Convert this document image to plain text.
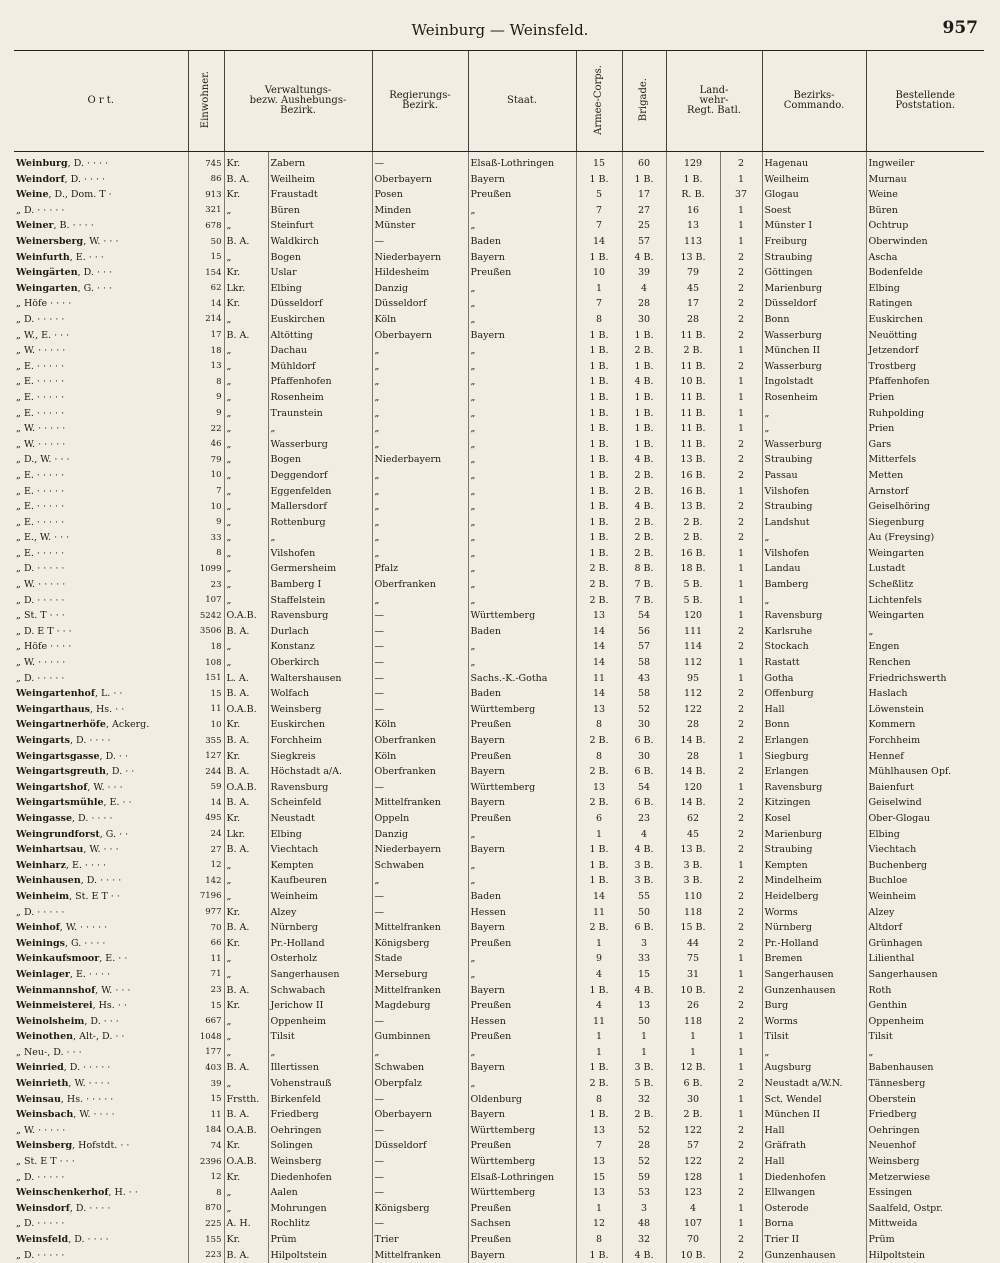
Weinburg — Weinsfeld.	957
O r t.	Einwohner.	Verwaltungs-
bezw. Aushebungs-
Bezirk.		Regierungs-
Bezirk.	Staat.	Armee-Corps.	Brigade.	Land-
wehr-
Regt. Batl.		Bezirks-
Commando.	Bestellende
Poststation.
Weinburg, D. · · · ·	745	Kr.	Zabern	—	Elsaß-Lothringen	15	60	129	2	Hagenau	Ingweiler
Weindorf, D. · · · ·	86	B. A.	Weilheim	Oberbayern	Bayern	1 B.	1 B.	1 B.	1	Weilheim	Murnau
Weine, D., Dom. T ·	913	Kr.	Fraustadt	Posen	Preußen	5	17	R. B.	37	Glogau	Weine
„ D. · · · · ·	321	„	Büren	Minden	„	7	27	16	1	Soest	Büren
Weiner, B. · · · ·	678	„	Steinfurt	Münster	„	7	25	13	1	Münster I	Ochtrup
Weinersberg, W. · · ·	50	B. A.	Waldkirch	—	Baden	14	57	113	1	Freiburg	Oberwinden
Weinfurth, E. · · ·	15	„	Bogen	Niederbayern	Bayern	1 B.	4 B.	13 B.	2	Straubing	Ascha
Weingärten, D. · · ·	154	Kr.	Uslar	Hildesheim	Preußen	10	39	79	2	Göttingen	Bodenfelde
Weingarten, G. · · ·	62	Lkr.	Elbing	Danzig	„	1	4	45	2	Marienburg	Elbing
„ Höfe · · · ·	14	Kr.	Düsseldorf	Düsseldorf	„	7	28	17	2	Düsseldorf	Ratingen
„ D. · · · · ·	214	„	Euskirchen	Köln	„	8	30	28	2	Bonn	Euskirchen
„ W., E. · · ·	17	B. A.	Altötting	Oberbayern	Bayern	1 B.	1 B.	11 B.	2	Wasserburg	Neuötting
„ W. · · · · ·	18	„	Dachau	„	„	1 B.	2 B.	2 B.	1	München II	Jetzendorf
„ E. · · · · ·	13	„	Mühldorf	„	„	1 B.	1 B.	11 B.	2	Wasserburg	Trostberg
„ E. · · · · ·	8	„	Pfaffenhofen	„	„	1 B.	4 B.	10 B.	1	Ingolstadt	Pfaffenhofen
„ E. · · · · ·	9	„	Rosenheim	„	„	1 B.	1 B.	11 B.	1	Rosenheim	Prien
„ E. · · · · ·	9	„	Traunstein	„	„	1 B.	1 B.	11 B.	1	„	Ruhpolding
„ W. · · · · ·	22	„	„	„	„	1 B.	1 B.	11 B.	1	„	Prien
„ W. · · · · ·	46	„	Wasserburg	„	„	1 B.	1 B.	11 B.	2	Wasserburg	Gars
„ D., W. · · ·	79	„	Bogen	Niederbayern	„	1 B.	4 B.	13 B.	2	Straubing	Mitterfels
„ E. · · · · ·	10	„	Deggendorf	„	„	1 B.	2 B.	16 B.	2	Passau	Metten
„ E. · · · · ·	7	„	Eggenfelden	„	„	1 B.	2 B.	16 B.	1	Vilshofen	Arnstorf
„ E. · · · · ·	10	„	Mallersdorf	„	„	1 B.	4 B.	13 B.	2	Straubing	Geiselhöring
„ E. · · · · ·	9	„	Rottenburg	„	„	1 B.	2 B.	2 B.	2	Landshut	Siegenburg
„ E., W. · · ·	33	„	„	„	„	1 B.	2 B.	2 B.	2	„	Au (Freysing)
„ E. · · · · ·	8	„	Vilshofen	„	„	1 B.	2 B.	16 B.	1	Vilshofen	Weingarten
„ D. · · · · ·	1099	„	Germersheim	Pfalz	„	2 B.	8 B.	18 B.	1	Landau	Lustadt
„ W. · · · · ·	23	„	Bamberg I	Oberfranken	„	2 B.	7 B.	5 B.	1	Bamberg	Scheßlitz
„ D. · · · · ·	107	„	Staffelstein	„	„	2 B.	7 B.	5 B.	1	„	Lichtenfels
„ St. T · · ·	5242	O.A.B.	Ravensburg	—	Württemberg	13	54	120	1	Ravensburg	Weingarten
„ D. E T · · ·	3506	B. A.	Durlach	—	Baden	14	56	111	2	Karlsruhe	„
„ Höfe · · · ·	18	„	Konstanz	—	„	14	57	114	2	Stockach	Engen
„ W. · · · · ·	108	„	Oberkirch	—	„	14	58	112	1	Rastatt	Renchen
„ D. · · · · ·	151	L. A.	Waltershausen	—	Sachs.-K.-Gotha	11	43	95	1	Gotha	Friedrichswerth
Weingartenhof, L. · ·	15	B. A.	Wolfach	—	Baden	14	58	112	2	Offenburg	Haslach
Weingarthaus, Hs. · ·	11	O.A.B.	Weinsberg	—	Württemberg	13	52	122	2	Hall	Löwenstein
Weingartnerhöfe, Ackerg.	10	Kr.	Euskirchen	Köln	Preußen	8	30	28	2	Bonn	Kommern
Weingarts, D. · · · ·	355	B. A.	Forchheim	Oberfranken	Bayern	2 B.	6 B.	14 B.	2	Erlangen	Forchheim
Weingartsgasse, D. · ·	127	Kr.	Siegkreis	Köln	Preußen	8	30	28	1	Siegburg	Hennef
Weingartsgreuth, D. · ·	244	B. A.	Höchstadt a/A.	Oberfranken	Bayern	2 B.	6 B.	14 B.	2	Erlangen	Mühlhausen Opf.
Weingartshof, W. · · ·	59	O.A.B.	Ravensburg	—	Württemberg	13	54	120	1	Ravensburg	Baienfurt
Weingartsmühle, E. · ·	14	B. A.	Scheinfeld	Mittelfranken	Bayern	2 B.	6 B.	14 B.	2	Kitzingen	Geiselwind
Weingasse, D. · · · ·	495	Kr.	Neustadt	Oppeln	Preußen	6	23	62	2	Kosel	Ober-Glogau
Weingrundforst, G. · ·	24	Lkr.	Elbing	Danzig	„	1	4	45	2	Marienburg	Elbing
Weinhartsau, W. · · ·	27	B. A.	Viechtach	Niederbayern	Bayern	1 B.	4 B.	13 B.	2	Straubing	Viechtach
Weinharz, E. · · · ·	12	„	Kempten	Schwaben	„	1 B.	3 B.	3 B.	1	Kempten	Buchenberg
Weinhausen, D. · · · ·	142	„	Kaufbeuren	„	„	1 B.	3 B.	3 B.	2	Mindelheim	Buchloe
Weinheim, St. E T · ·	7196	„	Weinheim	—	Baden	14	55	110	2	Heidelberg	Weinheim
„ D. · · · · ·	977	Kr.	Alzey	—	Hessen	11	50	118	2	Worms	Alzey
Weinhof, W. · · · · ·	70	B. A.	Nürnberg	Mittelfranken	Bayern	2 B.	6 B.	15 B.	2	Nürnberg	Altdorf
Weinings, G. · · · ·	66	Kr.	Pr.-Holland	Königsberg	Preußen	1	3	44	2	Pr.-Holland	Grünhagen
Weinkaufsmoor, E. · ·	11	„	Osterholz	Stade	„	9	33	75	1	Bremen	Lilienthal
Weinlager, E. · · · ·	71	„	Sangerhausen	Merseburg	„	4	15	31	1	Sangerhausen	Sangerhausen
Weinmannshof, W. · · ·	23	B. A.	Schwabach	Mittelfranken	Bayern	1 B.	4 B.	10 B.	2	Gunzenhausen	Roth
Weinmeisterei, Hs. · ·	15	Kr.	Jerichow II	Magdeburg	Preußen	4	13	26	2	Burg	Genthin
Weinolsheim, D. · · ·	667	„	Oppenheim	—	Hessen	11	50	118	2	Worms	Oppenheim
Weinothen, Alt-, D. · ·	1048	„	Tilsit	Gumbinnen	Preußen	1	1	1	1	Tilsit	Tilsit
„ Neu-, D. · · ·	177	„	„	„	„	1	1	1	1	„	„
Weinried, D. · · · · ·	403	B. A.	Illertissen	Schwaben	Bayern	1 B.	3 B.	12 B.	1	Augsburg	Babenhausen
Weinrieth, W. · · · ·	39	„	Vohenstrauß	Oberpfalz	„	2 B.	5 B.	6 B.	2	Neustadt a/W.N.	Tännesberg
Weinsau, Hs. · · · · ·	15	Frstth.	Birkenfeld	—	Oldenburg	8	32	30	1	Sct. Wendel	Oberstein
Weinsbach, W. · · · ·	11	B. A.	Friedberg	Oberbayern	Bayern	1 B.	2 B.	2 B.	1	München II	Friedberg
„ W. · · · · ·	184	O.A.B.	Oehringen	—	Württemberg	13	52	122	2	Hall	Oehringen
Weinsberg, Hofstdt. · ·	74	Kr.	Solingen	Düsseldorf	Preußen	7	28	57	2	Gräfrath	Neuenhof
„ St. E T · · ·	2396	O.A.B.	Weinsberg	—	Württemberg	13	52	122	2	Hall	Weinsberg
„ D. · · · · ·	12	Kr.	Diedenhofen	—	Elsaß-Lothringen	15	59	128	1	Diedenhofen	Metzerwiese
Weinschenkerhof, H. · ·	8	„	Aalen	—	Württemberg	13	53	123	2	Ellwangen	Essingen
Weinsdorf, D. · · · ·	870	„	Mohrungen	Königsberg	Preußen	1	3	4	1	Osterode	Saalfeld, Ostpr.
„ D. · · · · ·	225	A. H.	Rochlitz	—	Sachsen	12	48	107	1	Borna	Mittweida
Weinsfeld, D. · · · ·	155	Kr.	Prüm	Trier	Preußen	8	32	70	2	Trier II	Prüm
„ D. · · · · ·	223	B. A.	Hilpoltstein	Mittelfranken	Bayern	1 B.	4 B.	10 B.	2	Gunzenhausen	Hilpoltstein
